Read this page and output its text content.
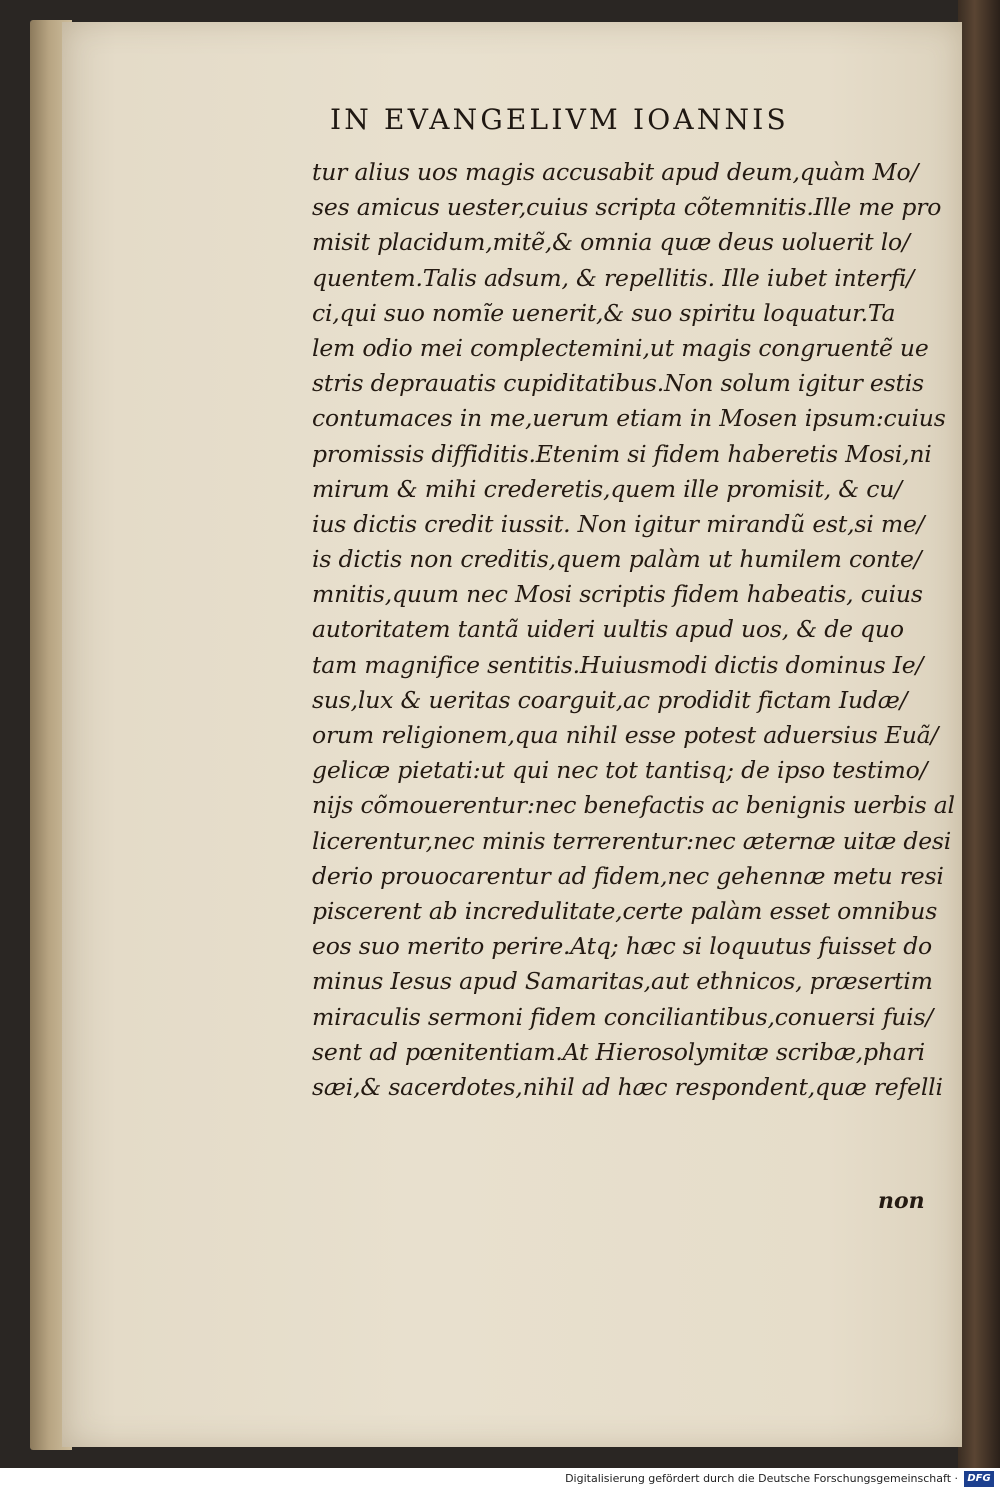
IN EVANGELIVM IOANNIS
tur alius uos magis accusabit apud deum,quàm Mo/
ses amicus uester,cuius scripta cõtemnitis.Ille me pro
misit placidum,mitẽ,& omnia quæ deus uoluerit lo/
quentem.Talis adsum, & repellitis. Ille iubet interfi/
ci,qui suo nomĩe uenerit,& suo spiritu loquatur.Ta
lem odio mei complectemini,ut magis congruentẽ ue
stris deprauatis cupiditatibus.Non solum igitur estis
contumaces in me,uerum etiam in Mosen ipsum:cuius
promissis diffiditis.Etenim si fidem haberetis Mosi,ni
mirum & mihi crederetis,quem ille promisit, & cu/
ius dictis credit iussit. Non igitur mirandũ est,si me/
is dictis non creditis,quem palàm ut humilem conte/
mnitis,quum nec Mosi scriptis fidem habeatis, cuius
autoritatem tantã uideri uultis apud uos, & de quo
tam magnifice sentitis.Huiusmodi dictis dominus Ie/
sus,lux & ueritas coarguit,ac prodidit fictam Iudæ/
orum religionem,qua nihil esse potest aduersius Euã/
gelicæ pietati:ut qui nec tot tantisq; de ipso testimo/
nijs cõmouerentur:nec benefactis ac benignis uerbis al
licerentur,nec minis terrerentur:nec æternæ uitæ desi
derio prouocarentur ad fidem,nec gehennæ metu resi
piscerent ab incredulitate,certe palàm esset omnibus
eos suo merito perire.Atq; hæc si loquutus fuisset do
minus Iesus apud Samaritas,aut ethnicos, præsertim
miraculis sermoni fidem conciliantibus,conuersi fuis/
sent ad pœnitentiam.At Hierosolymitæ scribæ,phari
sæi,& sacerdotes,nihil ad hæc respondent,quæ refelli
non
Digitalisierung gefördert durch die Deutsche Forschungsgemeinschaft · DFG
